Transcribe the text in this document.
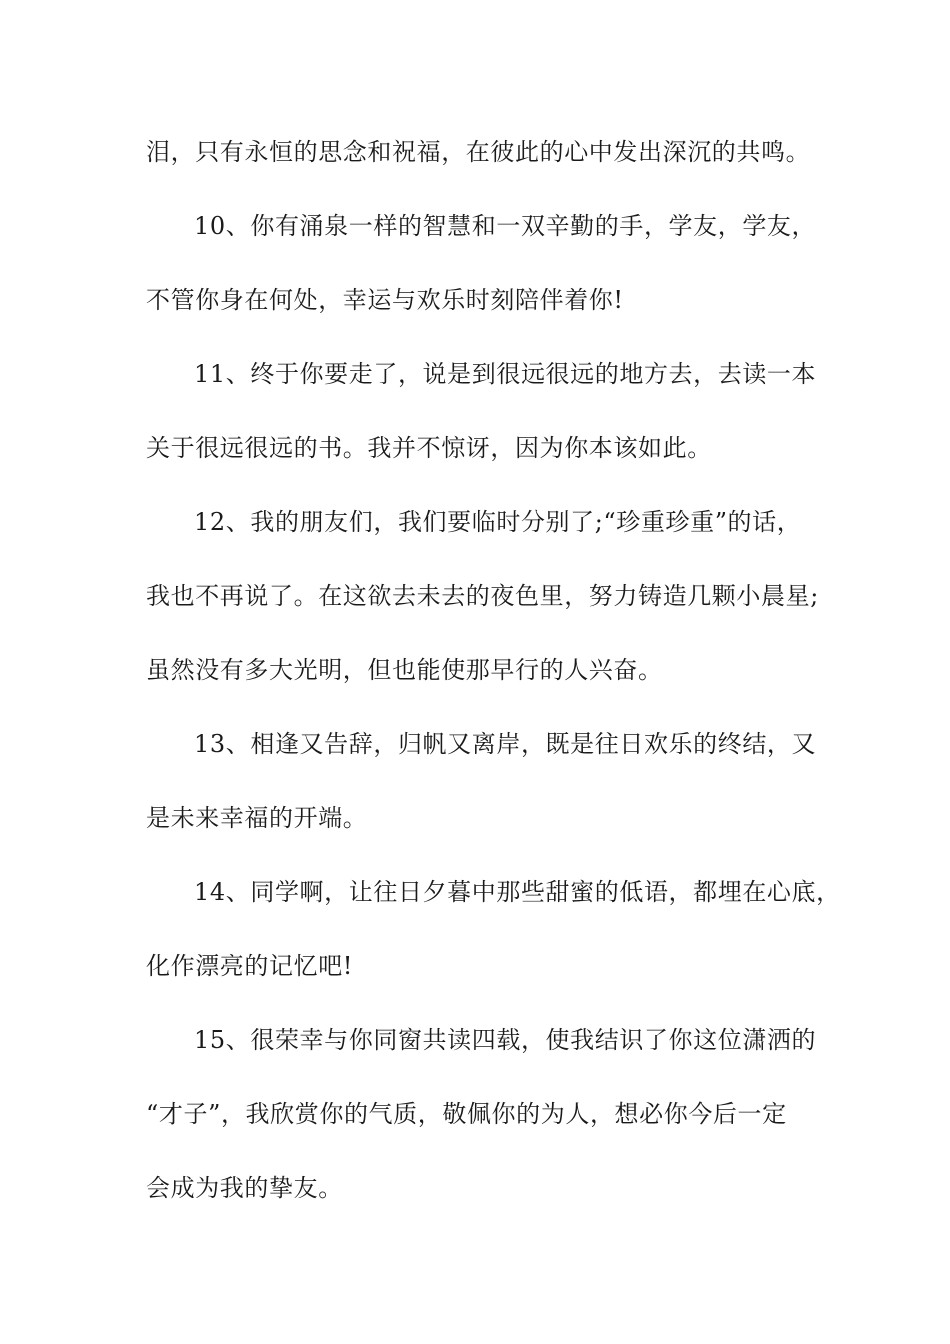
泪，只有永恒的思念和祝福，在彼此的心中发出深沉的共鸣。

10、你有涌泉一样的智慧和一双辛勤的手，学友，学友，

不管你身在何处，幸运与欢乐时刻陪伴着你!

11、终于你要走了，说是到很远很远的地方去，去读一本

关于很远很远的书。我并不惊讶，因为你本该如此。

12、我的朋友们，我们要临时分别了;“珍重珍重”的话，

我也不再说了。在这欲去未去的夜色里，努力铸造几颗小晨星;

虽然没有多大光明，但也能使那早行的人兴奋。

13、相逢又告辞，归帆又离岸，既是往日欢乐的终结，又

是未来幸福的开端。

14、同学啊，让往日夕暮中那些甜蜜的低语，都埋在心底，

化作漂亮的记忆吧!

15、很荣幸与你同窗共读四载，使我结识了你这位潇洒的

“才子”，我欣赏你的气质，敬佩你的为人，想必你今后一定

会成为我的挚友。
